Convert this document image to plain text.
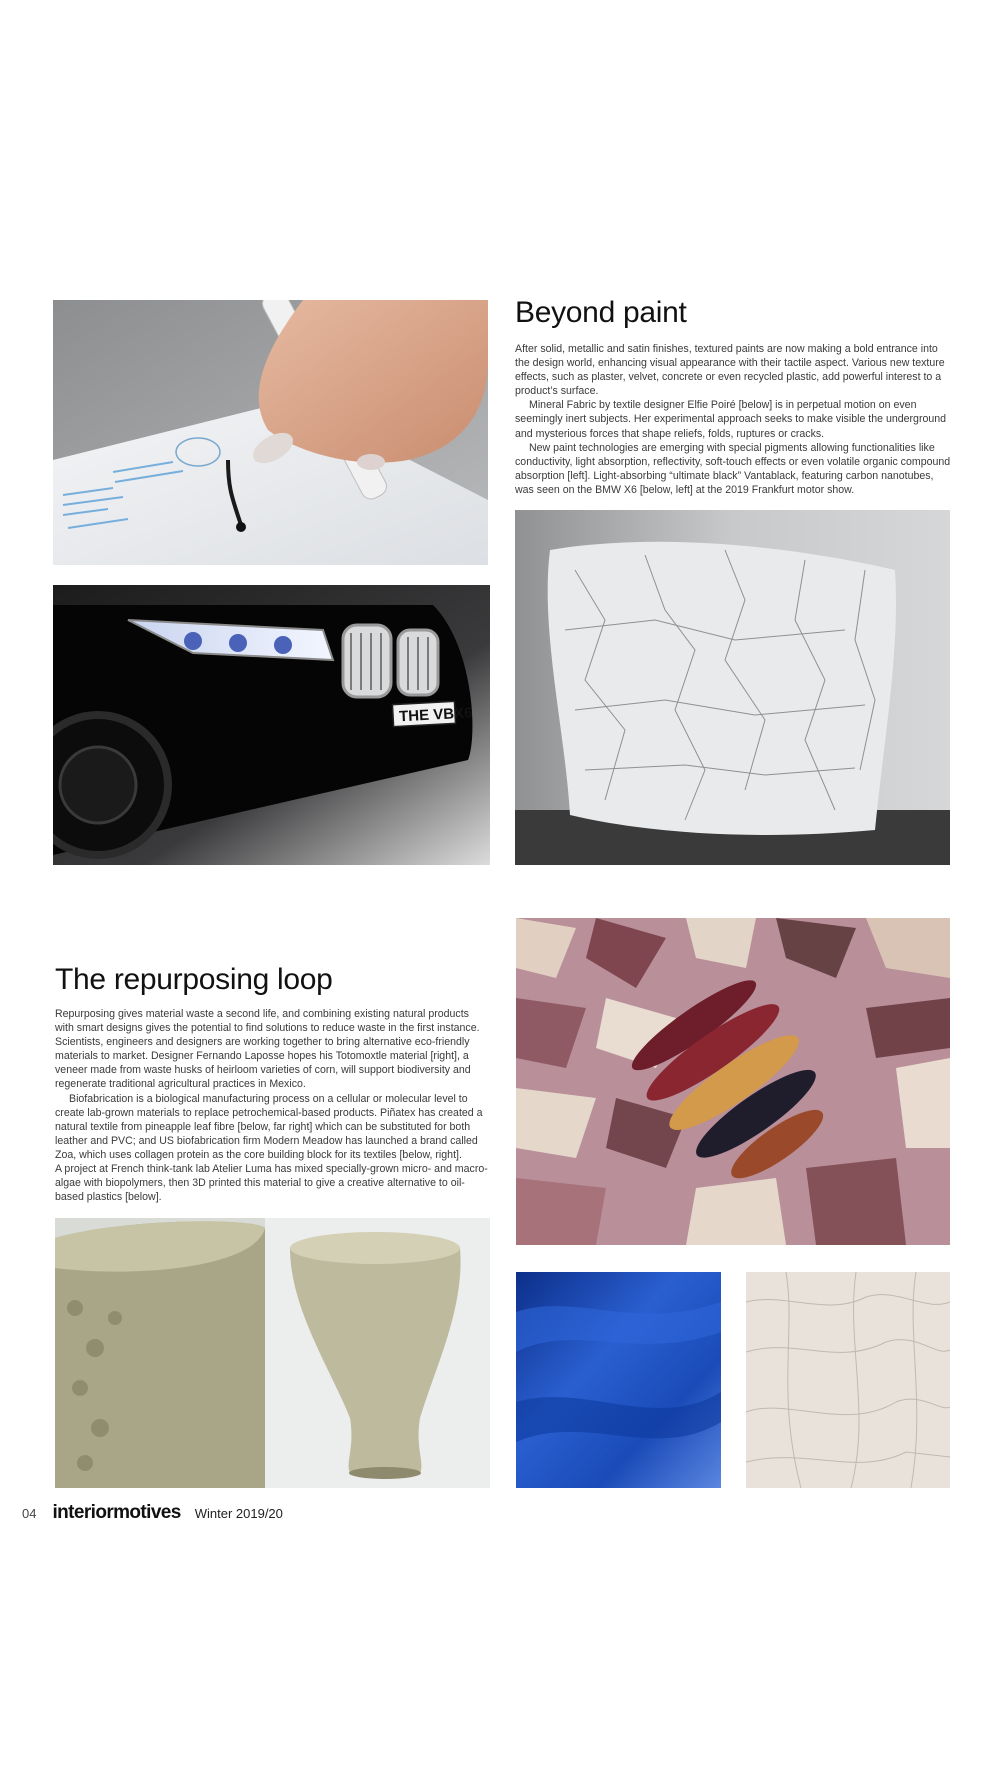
THE VBX6
Beyond paint

After solid, metallic and satin finishes, textured paints are now making a bold entrance into the design world, enhancing visual appearance with their tactile aspect. Various new texture effects, such as plaster, velvet, concrete or even recycled plastic, add powerful interest to a product’s surface.

Mineral Fabric by textile designer Elfie Poiré [below] is in perpetual motion on even seemingly inert subjects. Her experimental approach seeks to make visible the underground and mysterious forces that shape reliefs, folds, ruptures or cracks.

New paint technologies are emerging with special pigments allowing functionalities like conductivity, light absorption, reflectivity, soft-touch effects or even volatile organic compound absorption [left]. Light-absorbing “ultimate black” Vantablack, featuring carbon nanotubes, was seen on the BMW X6 [below, left] at the 2019 Frankfurt motor show.

The repurposing loop

Repurposing gives material waste a second life, and combining existing natural products with smart designs gives the potential to find solutions to reduce waste in the first instance. Scientists, engineers and designers are working together to bring alternative eco-friendly materials to market. Designer Fernando Laposse hopes his Totomoxtle material [right], a veneer made from waste husks of heirloom varieties of corn, will support biodiversity and regenerate traditional agricultural practices in Mexico.

Biofabrication is a biological manufacturing process on a cellular or molecular level to create lab-grown materials to replace petrochemical-based products. Piñatex has created a natural textile from pineapple leaf fibre [below, far right] which can be substituted for both leather and PVC; and US biofabrication firm Modern Meadow has launched a brand called Zoa, which uses collagen protein as the core building block for its textiles [below, right].

A project at French think-tank lab Atelier Luma has mixed specially-grown micro- and macro-algae with biopolymers, then 3D printed this material to give a creative alternative to oil-based plastics [below].

04 interiormotives Winter 2019/20
